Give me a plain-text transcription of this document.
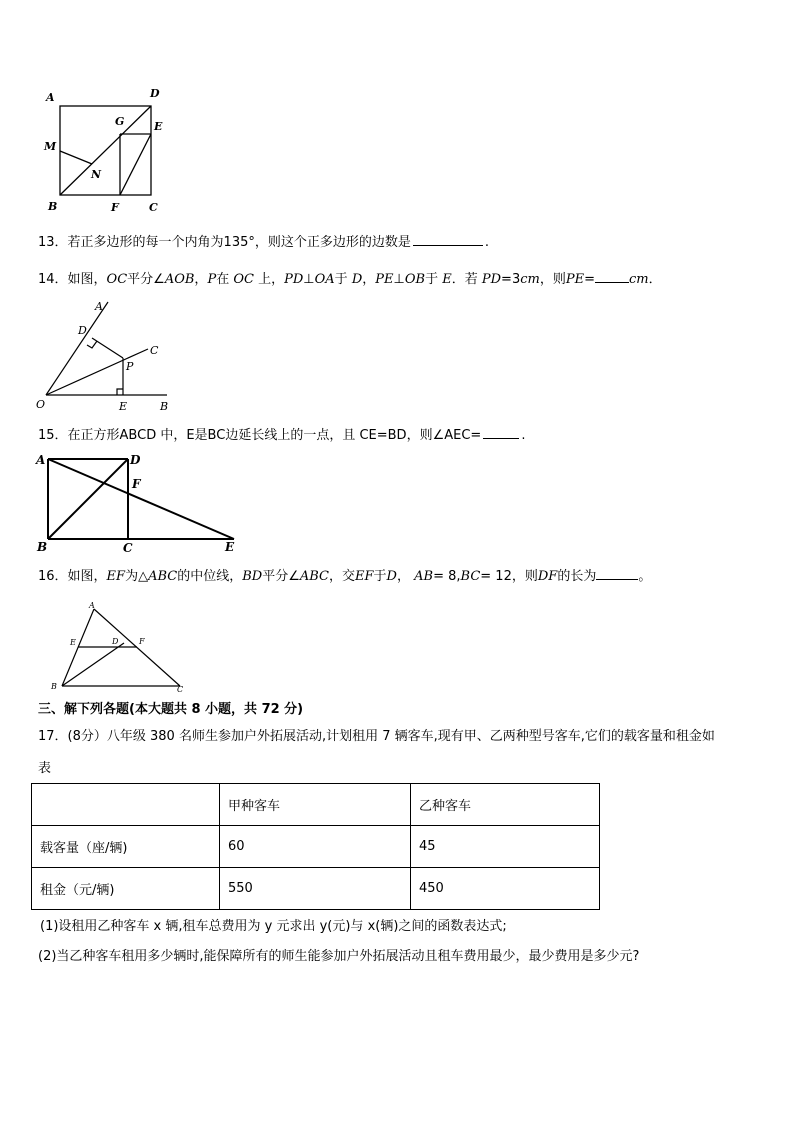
A	D
G	E
M
N
B	F	C
13．若正多边形的每一个内角为135°，则这个正多边形的边数是	.
14．如图，OC平分∠AOB，P在 OC 上，PD⊥OA于 D，PE⊥OB于 E．若 PD=3cm，则PE=	cm．
A
D
C
P
O	E	B
15．在正方形ABCD 中，E是BC边延长线上的一点，且 CE=BD，则∠AEC=	.
A	D
F
B	C	E
16．如图，EF为△ABC的中位线，BD平分∠ABC，交EF于D， AB= 8,BC= 12，则DF的长为	。
A
E	D	F
B	C
三、解下列各题(本大题共 8 小题，共 72 分)
17．(8分）八年级 380 名师生参加户外拓展活动,计划租用 7 辆客车,现有甲、乙两种型号客车,它们的载客量和租金如
表
	甲种客车	乙种客车
载客量（座/辆)	60	45
租金（元/辆)	550	450
(1)设租用乙种客车 x 辆,租车总费用为 y 元求出 y(元)与 x(辆)之间的函数表达式;
(2)当乙种客车租用多少辆时,能保障所有的师生能参加户外拓展活动且租车费用最少，最少费用是多少元?
